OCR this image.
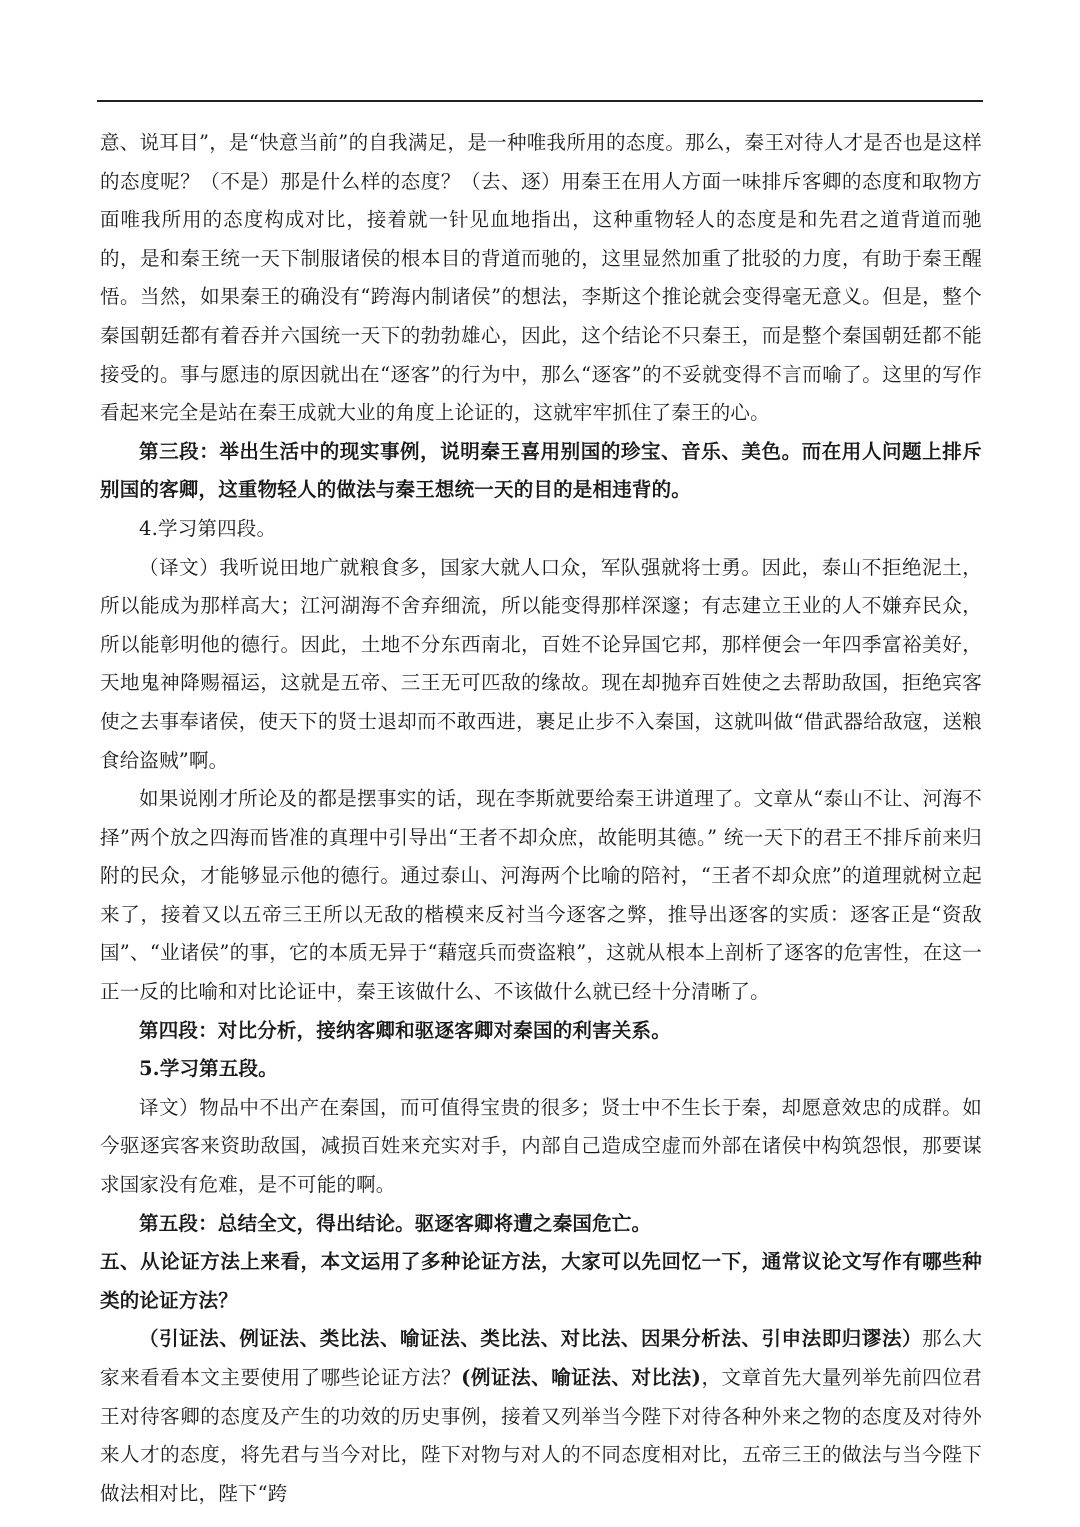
意、说耳目”，是“快意当前”的自我满足，是一种唯我所用的态度。那么，秦王对待人才是否也是这样的态度呢？（不是）那是什么样的态度？（去、逐）用秦王在用人方面一味排斥客卿的态度和取物方面唯我所用的态度构成对比，接着就一针见血地指出，这种重物轻人的态度是和先君之道背道而驰的，是和秦王统一天下制服诸侯的根本目的背道而驰的，这里显然加重了批驳的力度，有助于秦王醒悟。当然，如果秦王的确没有“跨海内制诸侯”的想法，李斯这个推论就会变得毫无意义。但是，整个秦国朝廷都有着吞并六国统一天下的勃勃雄心，因此，这个结论不只秦王，而是整个秦国朝廷都不能接受的。事与愿违的原因就出在“逐客”的行为中，那么“逐客”的不妥就变得不言而喻了。这里的写作看起来完全是站在秦王成就大业的角度上论证的，这就牢牢抓住了秦王的心。

第三段：举出生活中的现实事例，说明秦王喜用别国的珍宝、音乐、美色。而在用人问题上排斥别国的客卿，这重物轻人的做法与秦王想统一天的目的是相违背的。

4.学习第四段。

（译文）我听说田地广就粮食多，国家大就人口众，军队强就将士勇。因此，泰山不拒绝泥土，所以能成为那样高大；江河湖海不舍弃细流，所以能变得那样深邃；有志建立王业的人不嫌弃民众，所以能彰明他的德行。因此，土地不分东西南北，百姓不论异国它邦，那样便会一年四季富裕美好，天地鬼神降赐福运，这就是五帝、三王无可匹敌的缘故。现在却抛弃百姓使之去帮助敌国，拒绝宾客使之去事奉诸侯，使天下的贤士退却而不敢西进，裹足止步不入秦国，这就叫做“借武器给敌寇，送粮食给盗贼”啊。

如果说刚才所论及的都是摆事实的话，现在李斯就要给秦王讲道理了。文章从“泰山不让、河海不择”两个放之四海而皆准的真理中引导出“王者不却众庶，故能明其德。” 统一天下的君王不排斥前来归附的民众，才能够显示他的德行。通过泰山、河海两个比喻的陪衬，“王者不却众庶”的道理就树立起来了，接着又以五帝三王所以无敌的楷模来反衬当今逐客之弊，推导出逐客的实质：逐客正是“资敌国”、“业诸侯”的事，它的本质无异于“藉寇兵而赍盗粮”，这就从根本上剖析了逐客的危害性，在这一正一反的比喻和对比论证中，秦王该做什么、不该做什么就已经十分清晰了。

第四段：对比分析，接纳客卿和驱逐客卿对秦国的利害关系。

5.学习第五段。

译文）物品中不出产在秦国，而可值得宝贵的很多；贤士中不生长于秦，却愿意效忠的成群。如今驱逐宾客来资助敌国，减损百姓来充实对手，内部自己造成空虚而外部在诸侯中构筑怨恨，那要谋求国家没有危难，是不可能的啊。

第五段：总结全文，得出结论。驱逐客卿将遭之秦国危亡。

五、从论证方法上来看，本文运用了多种论证方法，大家可以先回忆一下，通常议论文写作有哪些种类的论证方法？

（引证法、例证法、类比法、喻证法、类比法、对比法、因果分析法、引申法即归谬法）那么大家来看看本文主要使用了哪些论证方法？(例证法、喻证法、对比法)，文章首先大量列举先前四位君王对待客卿的态度及产生的功效的历史事例，接着又列举当今陛下对待各种外来之物的态度及对待外来人才的态度，将先君与当今对比，陛下对物与对人的不同态度相对比，五帝三王的做法与当今陛下做法相对比，陛下“跨
